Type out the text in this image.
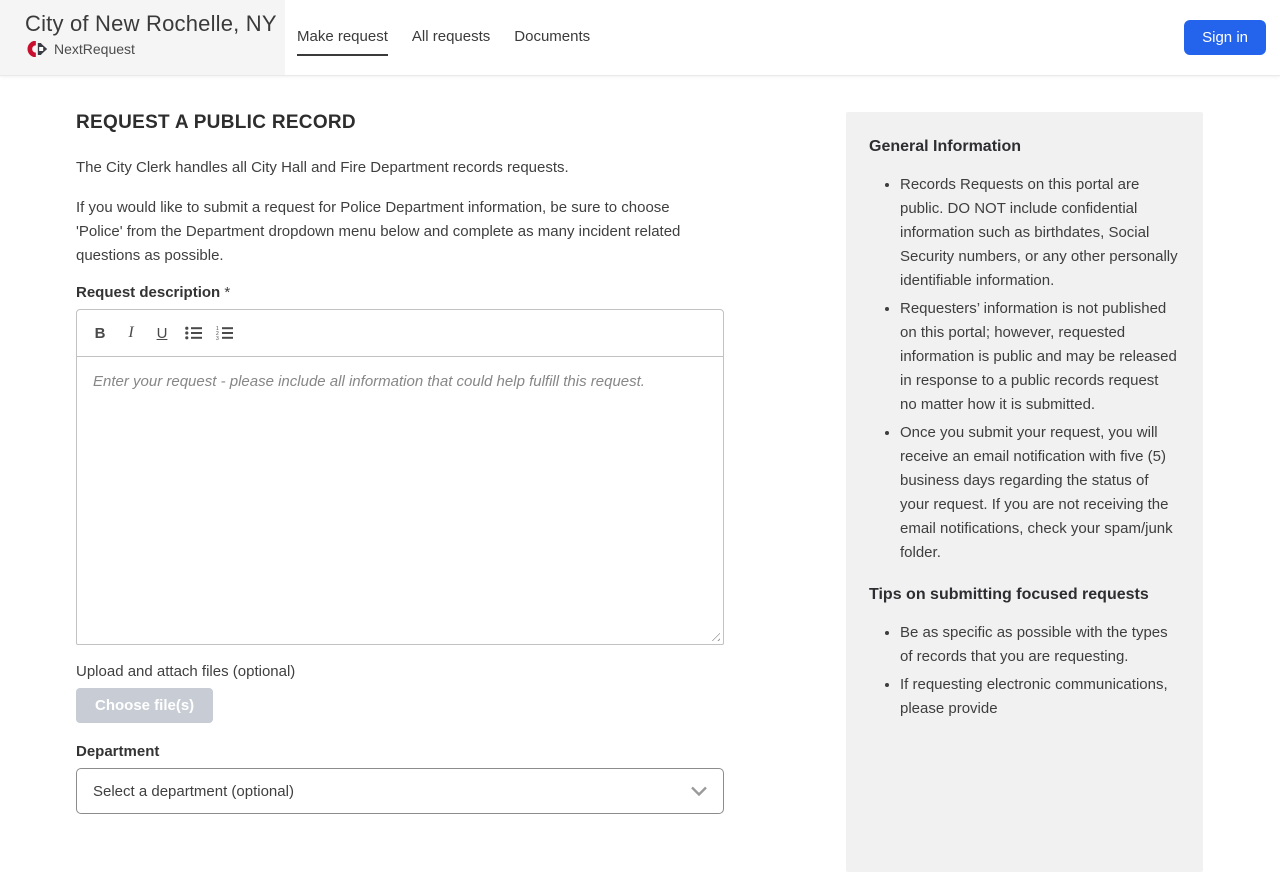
City of New Rochelle, NY
NextRequest
Make request All requests Documents	Sign in
REQUEST A PUBLIC RECORD

The City Clerk handles all City Hall and Fire Department records requests.

If you would like to submit a request for Police Department information, be sure to choose 'Police' from the Department dropdown menu below and complete as many incident related questions as possible.

Request description *
B	I	U	1
2
3
Enter your request - please include all information that could help fulfill this request.
Upload and attach files (optional)
Choose file(s)
Department
Select a department (optional)
General Information
• Records Requests on this portal are public. DO NOT include confidential information such as birthdates, Social Security numbers, or any other personally identifiable information.
• Requesters’ information is not published on this portal; however, requested information is public and may be released in response to a public records request no matter how it is submitted.
• Once you submit your request, you will receive an email notification with five (5) business days regarding the status of your request. If you are not receiving the email notifications, check your spam/junk folder.
Tips on submitting focused requests
• Be as specific as possible with the types of records that you are requesting.
• If requesting electronic communications, please provide
